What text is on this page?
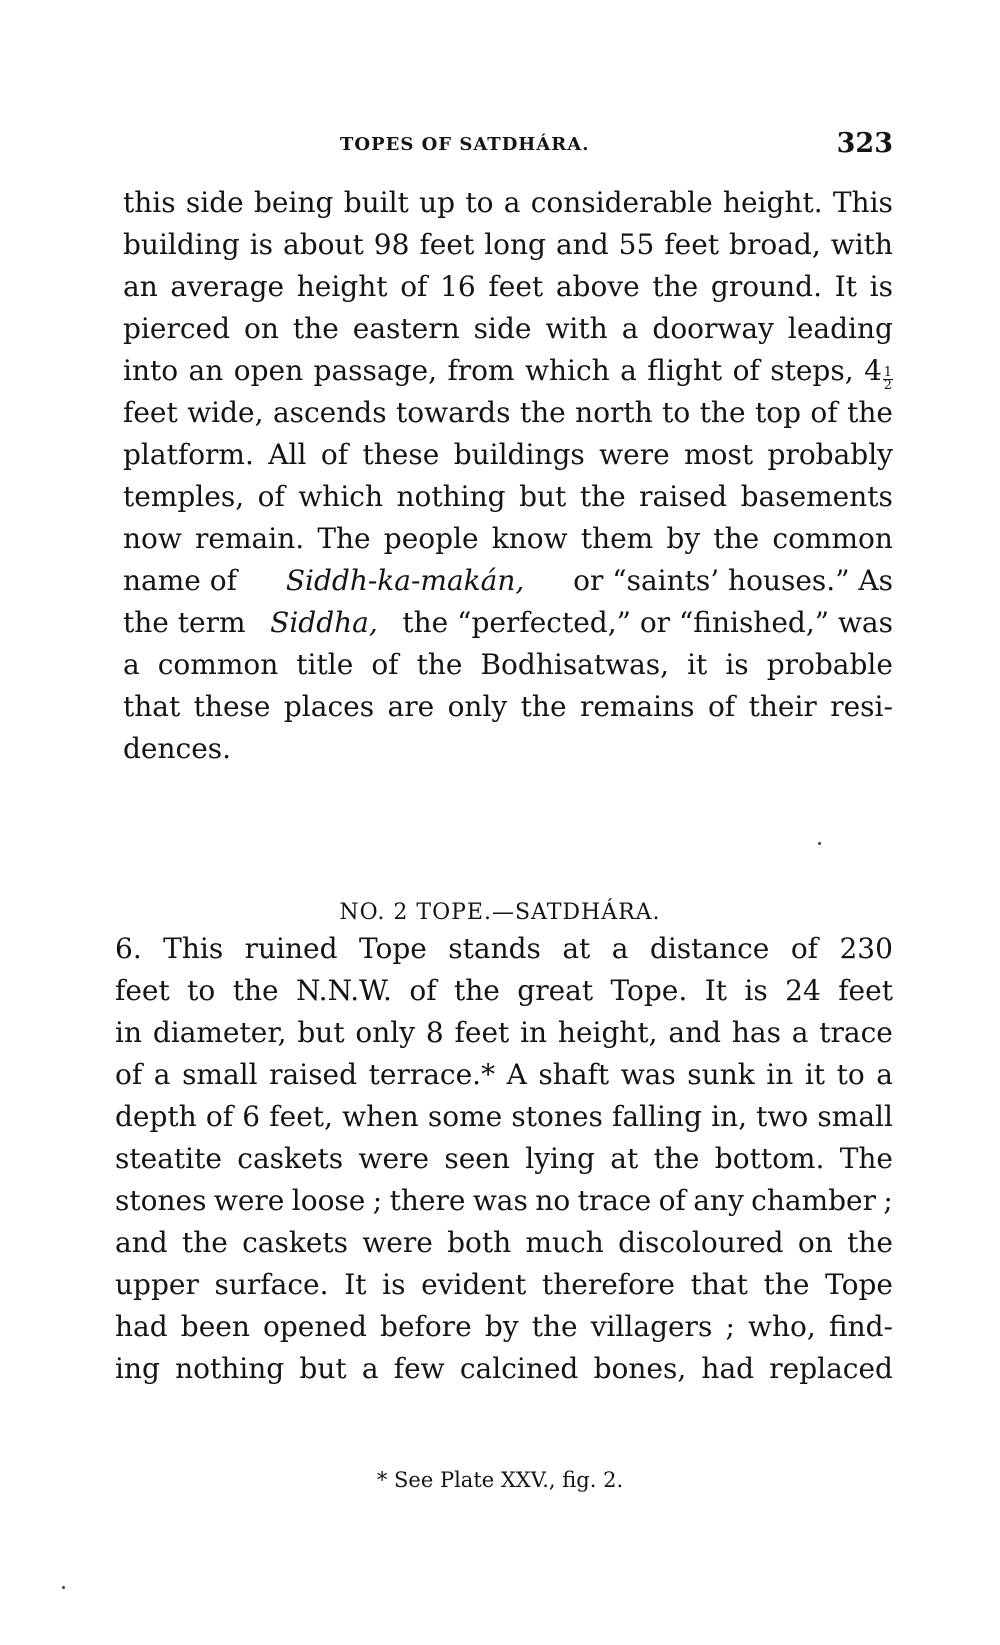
TOPES OF SATDHÁRA.	323
this side being built up to a considerable height. This
building is about 98 feet long and 55 feet broad, with
an average height of 16 feet above the ground. It is
pierced on the eastern side with a doorway leading
into an open passage, from which a flight of steps, $4 \frac{1}{2}$
feet wide, ascends towards the north to the top of the
platform. All of these buildings were most probably
temples, of which nothing but the raised basements
now remain. The people know them by the common
name of Siddh-ka-makán, or “saints’ houses.” As
the term Siddha, the “perfected,” or “finished,” was
a common title of the Bodhisatwas, it is probable
that these places are only the remains of their resi-
dences.
NO. 2 TOPE.—SATDHÁRA.
6. This ruined Tope stands at a distance of 230
feet to the N.N.W. of the great Tope. It is 24 feet
in diameter, but only 8 feet in height, and has a trace
of a small raised terrace.* A shaft was sunk in it to a
depth of 6 feet, when some stones falling in, two small
steatite caskets were seen lying at the bottom. The
stones were loose ; there was no trace of any chamber ;
and the caskets were both much discoloured on the
upper surface. It is evident therefore that the Tope
had been opened before by the villagers ; who, find-
ing nothing but a few calcined bones, had replaced
* See Plate XXV., fig. 2.
